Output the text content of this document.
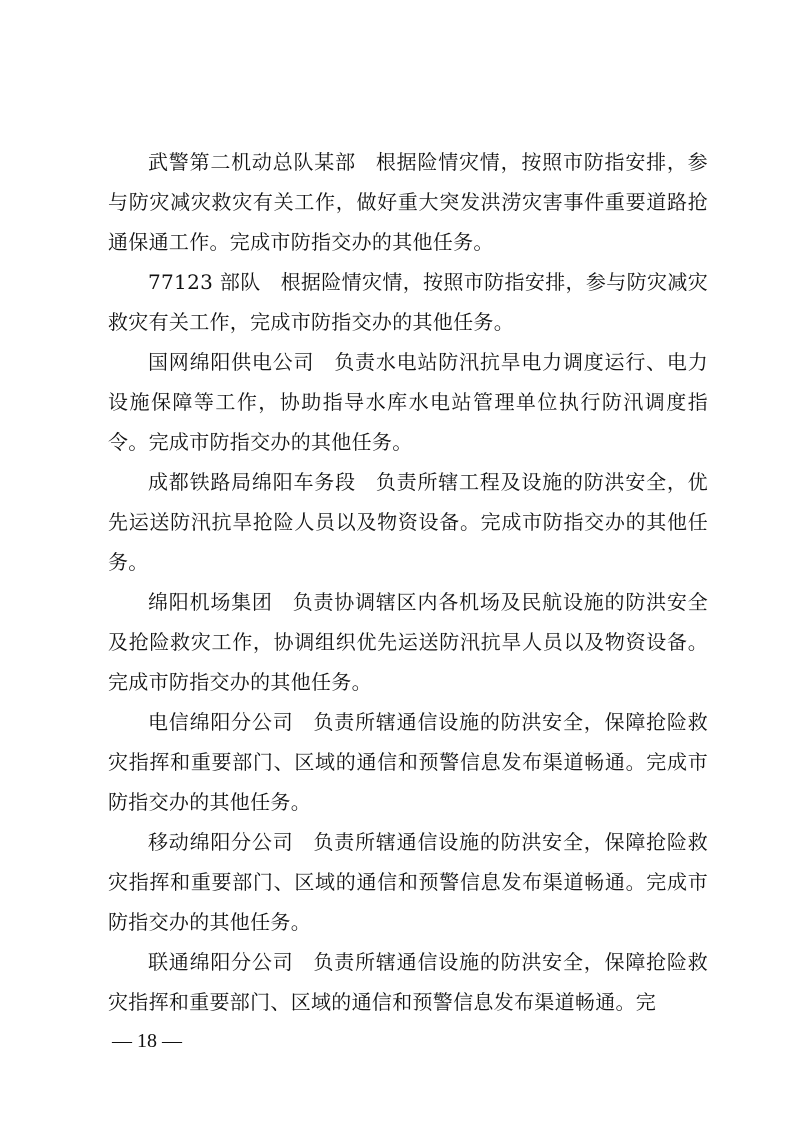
武警第二机动总队某部 根据险情灾情，按照市防指安排，参与防灾减灾救灾有关工作，做好重大突发洪涝灾害事件重要道路抢通保通工作。完成市防指交办的其他任务。

77123 部队 根据险情灾情，按照市防指安排，参与防灾减灾救灾有关工作，完成市防指交办的其他任务。

国网绵阳供电公司 负责水电站防汛抗旱电力调度运行、电力设施保障等工作，协助指导水库水电站管理单位执行防汛调度指令。完成市防指交办的其他任务。

成都铁路局绵阳车务段 负责所辖工程及设施的防洪安全，优先运送防汛抗旱抢险人员以及物资设备。完成市防指交办的其他任务。

绵阳机场集团 负责协调辖区内各机场及民航设施的防洪安全及抢险救灾工作，协调组织优先运送防汛抗旱人员以及物资设备。完成市防指交办的其他任务。

电信绵阳分公司 负责所辖通信设施的防洪安全，保障抢险救灾指挥和重要部门、区域的通信和预警信息发布渠道畅通。完成市防指交办的其他任务。

移动绵阳分公司 负责所辖通信设施的防洪安全，保障抢险救灾指挥和重要部门、区域的通信和预警信息发布渠道畅通。完成市防指交办的其他任务。

联通绵阳分公司 负责所辖通信设施的防洪安全，保障抢险救灾指挥和重要部门、区域的通信和预警信息发布渠道畅通。完

— 18 —
